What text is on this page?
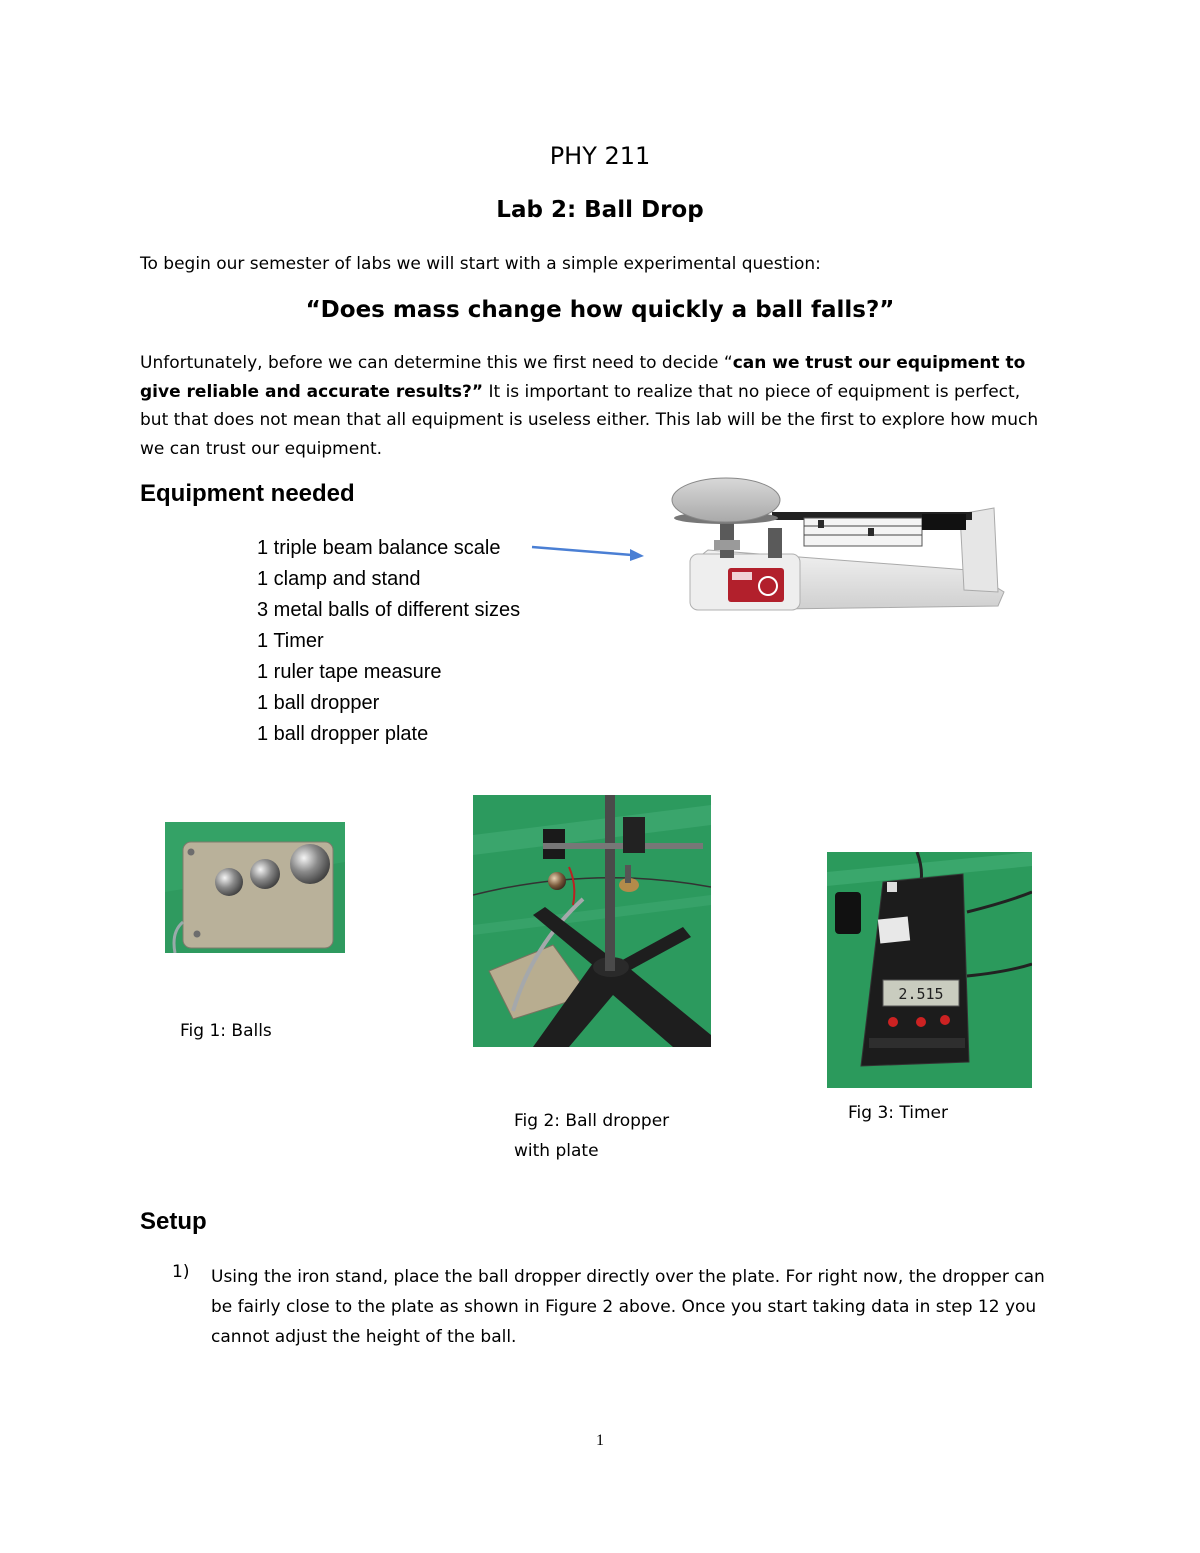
PHY 211
Lab 2: Ball Drop
To begin our semester of labs we will start with a simple experimental question:
“Does mass change how quickly a ball falls?”
Unfortunately, before we can determine this we first need to decide “can we trust our equipment to give reliable and accurate results?” It is important to realize that no piece of equipment is perfect, but that does not mean that all equipment is useless either. This lab will be the first to explore how much we can trust our equipment.
Equipment needed
1 triple beam balance scale
1 clamp and stand
3 metal balls of different sizes
1 Timer
1 ruler tape measure
1 ball dropper
1 ball dropper plate
Fig 1: Balls
Fig 2: Ball dropper
with plate
2.515
Fig 3: Timer
Setup
1) Using the iron stand, place the ball dropper directly over the plate. For right now, the dropper can be fairly close to the plate as shown in Figure 2 above. Once you start taking data in step 12 you cannot adjust the height of the ball.
1
